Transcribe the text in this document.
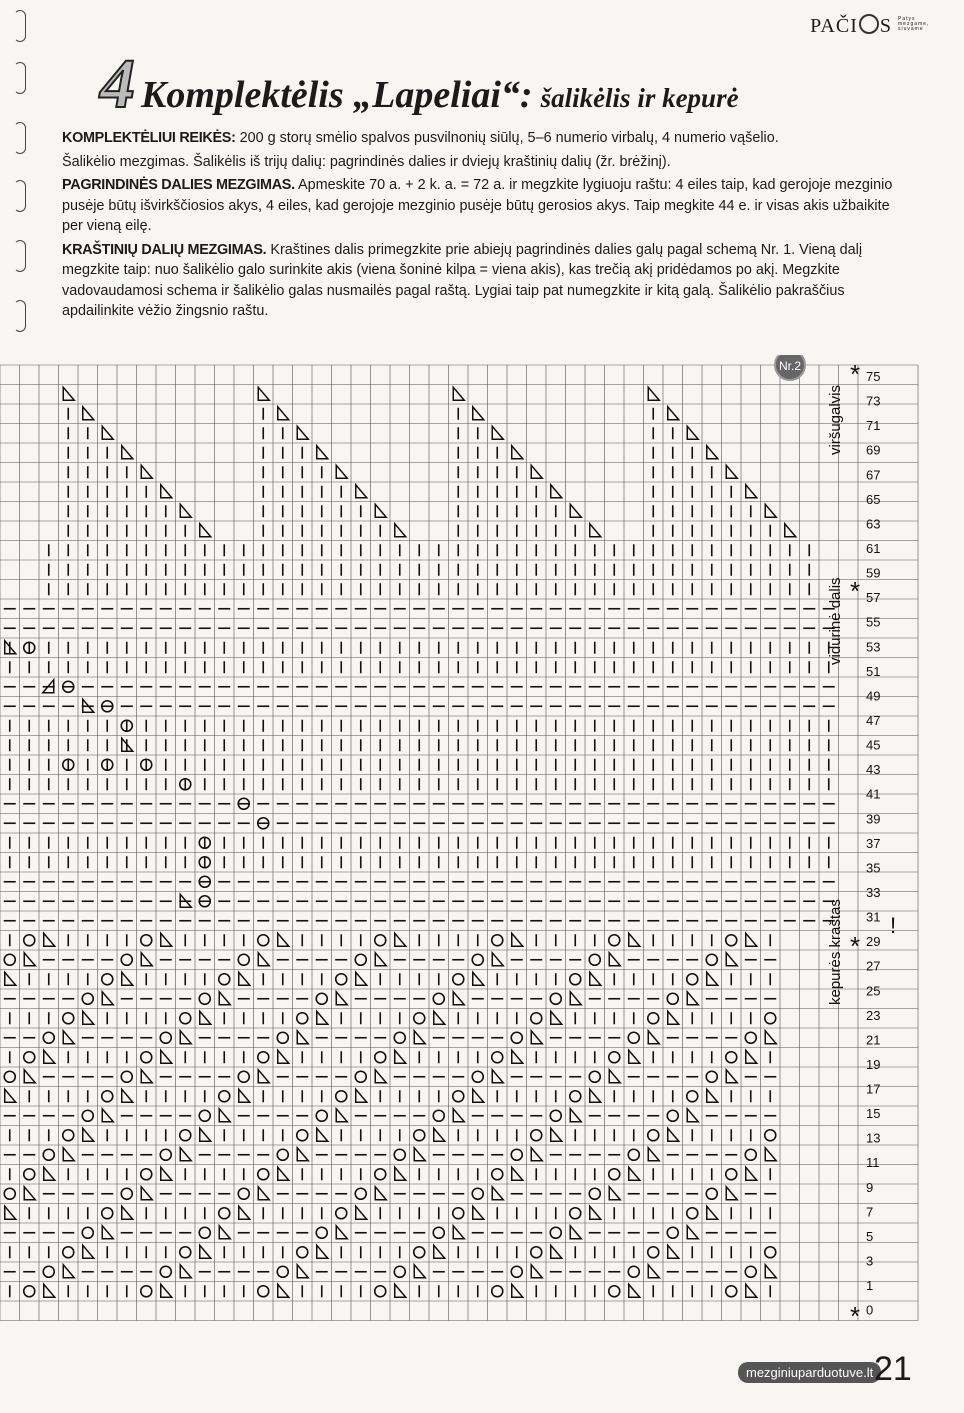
PAČI S Patys mezgame, siuvame
4 Komplektėlis „Lapeliai“: šalikėlis ir kepurė

KOMPLEKTĖLIUI REIKĖS: 200 g storų smėlio spalvos pusvilnonių siūlų, 5–6 numerio virbalų, 4 numerio vąšelio.

Šalikėlio mezgimas. Šalikėlis iš trijų dalių: pagrindinės dalies ir dviejų kraštinių dalių (žr. brėžinį).

PAGRINDINĖS DALIES MEZGIMAS. Apmeskite 70 a. + 2 k. a. = 72 a. ir megzkite lygiuoju raštu: 4 eiles taip, kad gerojoje mezginio pusėje būtų išvirkščiosios akys, 4 eiles, kad gerojoje mezginio pusėje būtų gerosios akys. Taip megkite 44 e. ir visas akis užbaikite per vieną eilę.

KRAŠTINIŲ DALIŲ MEZGIMAS. Kraštines dalis primegzkite prie abiejų pagrindinės dalies galų pagal schemą Nr. 1. Vieną dalį megzkite taip: nuo šalikėlio galo surinkite akis (viena šoninė kilpa = viena akis), kas trečią akį pridėdamos po akį. Megzkite vadovaudamosi schema ir šalikėlio galas nusmailės pagal raštą. Lygiai taip pat numegzkite ir kitą galą. Šalikėlio pakraščius apdailinkite vėžio žingsnio raštu.

75
73
71
69
67
65
63
61
59
57
55
53
51
49
47
45
43
41
39
37
35
33
31
29
27
25
23
21
19
17
15
13
11
9
7
5
3
1
0
viršugalvis
vidurinė dalis
kepurės kraštas
*
*
*
*
!
Nr.2
mezginiuparduotuve.lt 21
